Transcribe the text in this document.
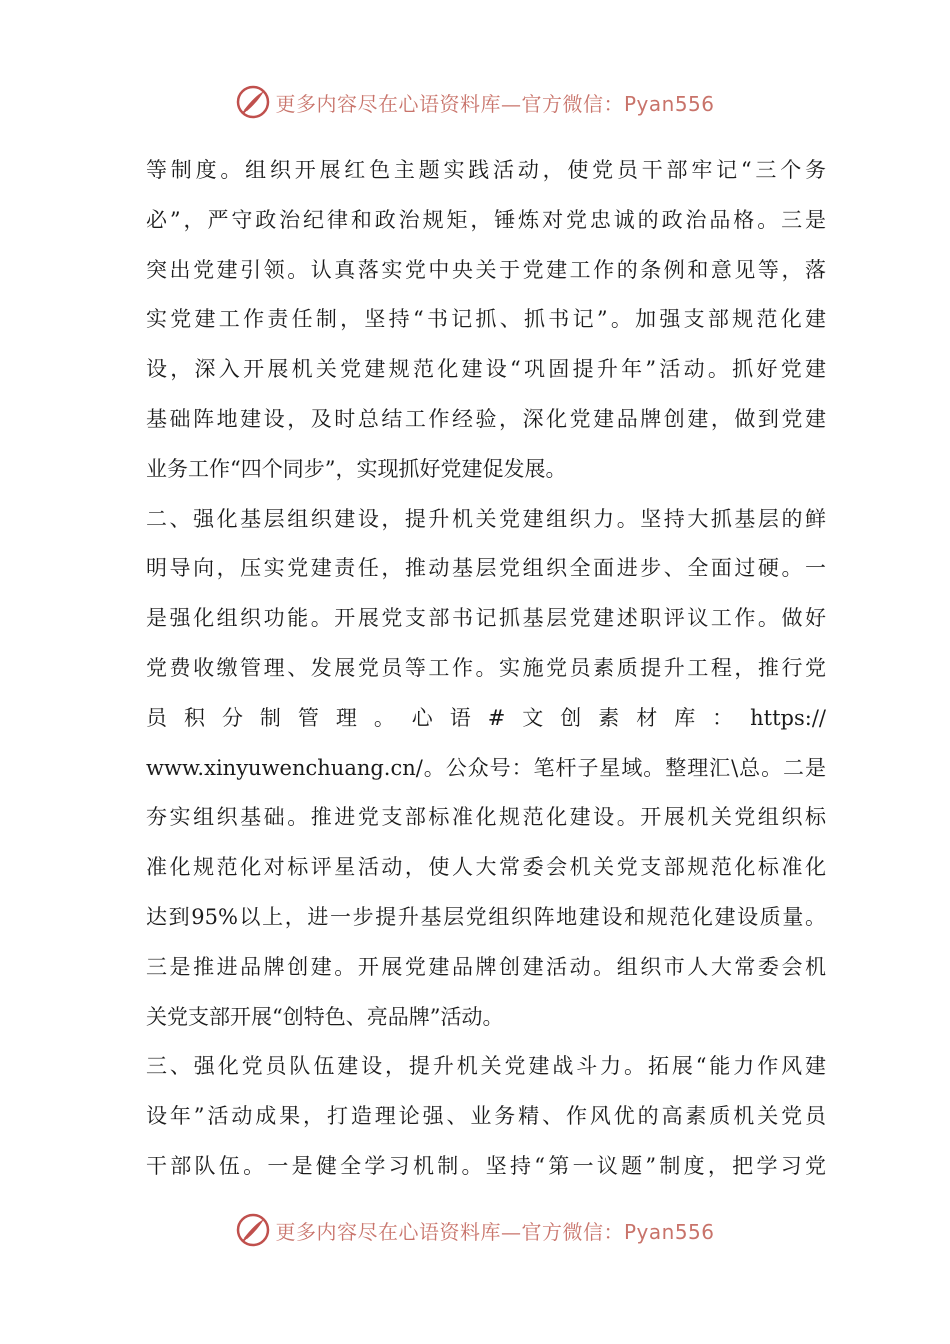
更多内容尽在心语资料库—官方微信：Pyan556
等制度。组织开展红色主题实践活动，使党员干部牢记“三个务
必”，严守政治纪律和政治规矩，锤炼对党忠诚的政治品格。三是
突出党建引领。认真落实党中央关于党建工作的条例和意见等，落
实党建工作责任制，坚持“书记抓、抓书记”。加强支部规范化建
设，深入开展机关党建规范化建设“巩固提升年”活动。抓好党建
基础阵地建设，及时总结工作经验，深化党建品牌创建，做到党建
业务工作“四个同步”，实现抓好党建促发展。
二、强化基层组织建设，提升机关党建组织力。坚持大抓基层的鲜
明导向，压实党建责任，推动基层党组织全面进步、全面过硬。一
是强化组织功能。开展党支部书记抓基层党建述职评议工作。做好
党费收缴管理、发展党员等工作。实施党员素质提升工程，推行党
员积分制管理。心语#文创素材库：https://
www.xinyuwenchuang.cn/。公众号：笔杆子星域。整理汇\总。二是
夯实组织基础。推进党支部标准化规范化建设。开展机关党组织标
准化规范化对标评星活动，使人大常委会机关党支部规范化标准化
达到95%以上，进一步提升基层党组织阵地建设和规范化建设质量。
三是推进品牌创建。开展党建品牌创建活动。组织市人大常委会机
关党支部开展“创特色、亮品牌”活动。
三、强化党员队伍建设，提升机关党建战斗力。拓展“能力作风建
设年”活动成果，打造理论强、业务精、作风优的高素质机关党员
干部队伍。一是健全学习机制。坚持“第一议题”制度，把学习党
更多内容尽在心语资料库—官方微信：Pyan556
